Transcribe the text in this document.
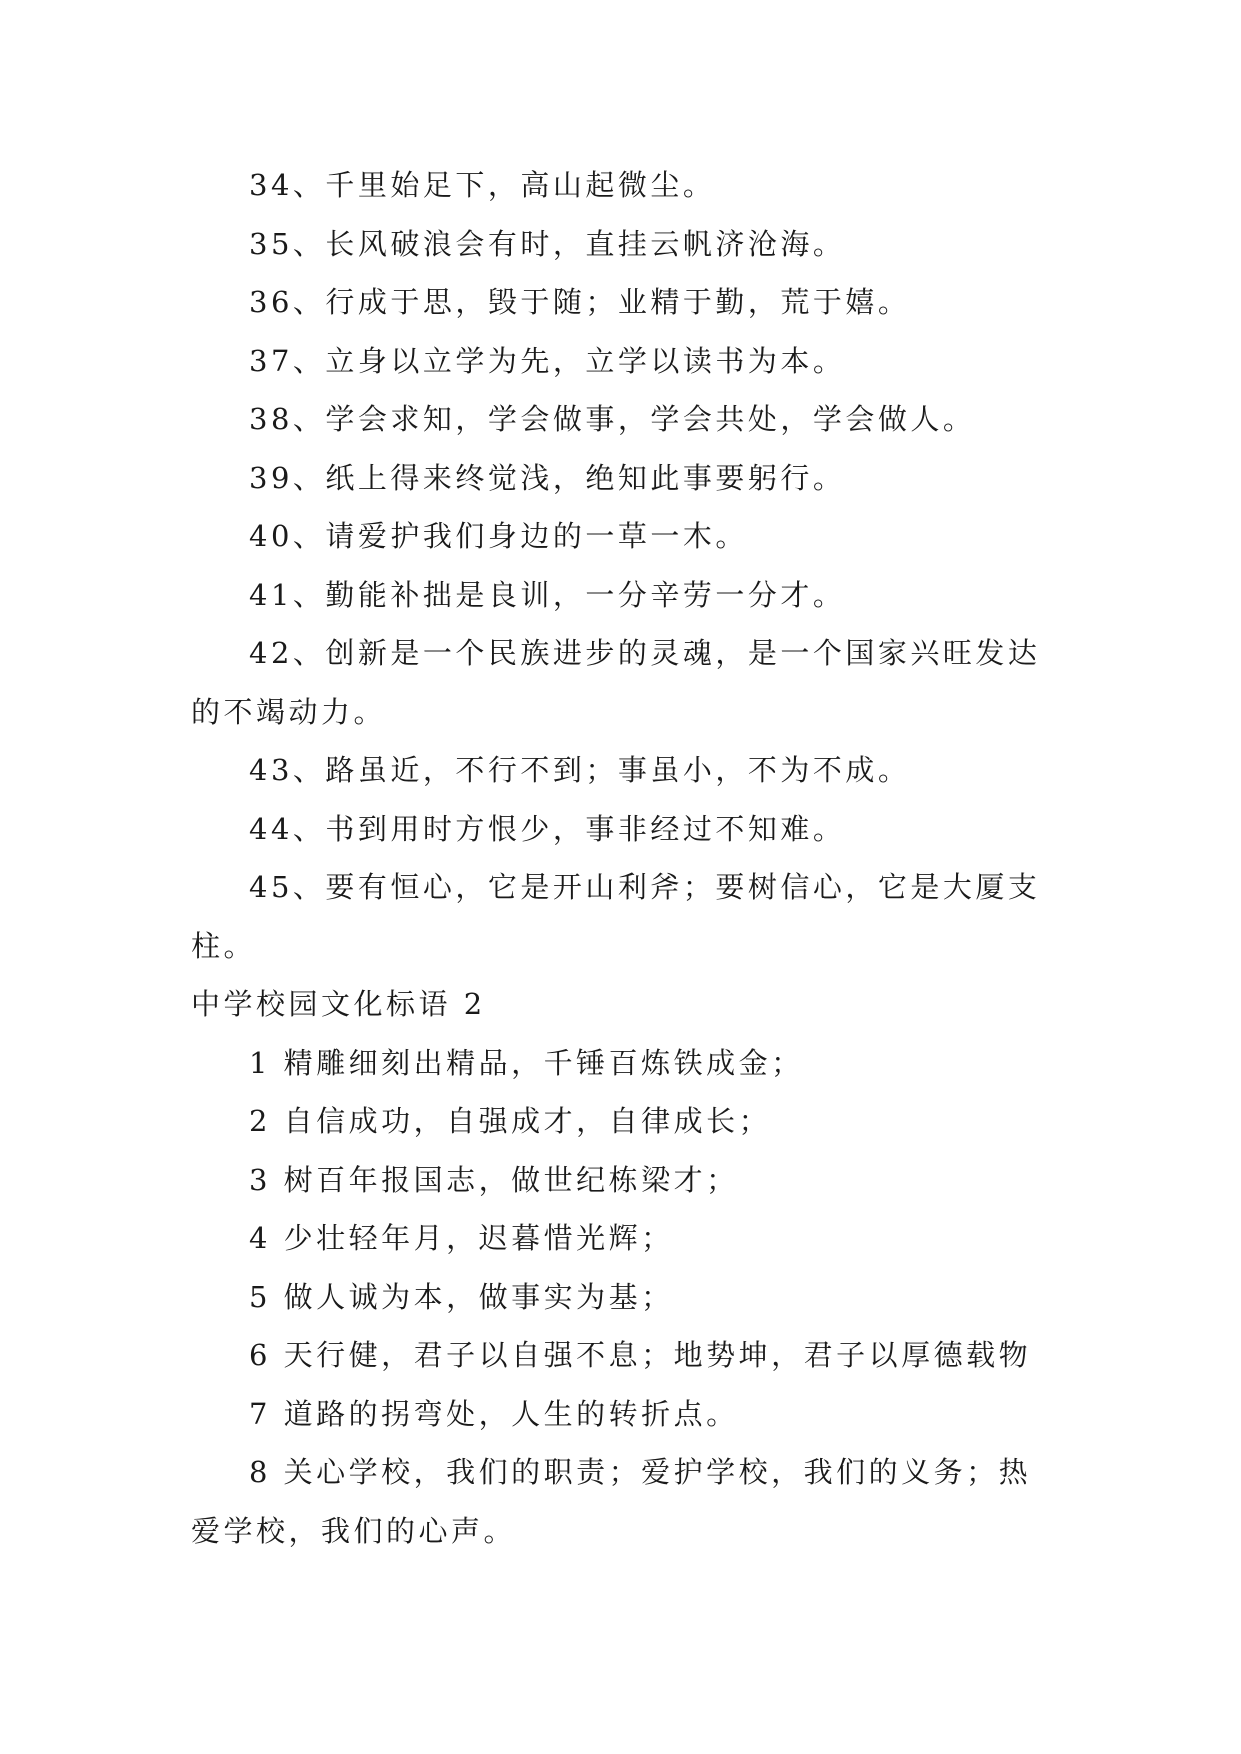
34、千里始足下，高山起微尘。

35、长风破浪会有时，直挂云帆济沧海。

36、行成于思，毁于随；业精于勤，荒于嬉。

37、立身以立学为先，立学以读书为本。

38、学会求知，学会做事，学会共处，学会做人。

39、纸上得来终觉浅，绝知此事要躬行。

40、请爱护我们身边的一草一木。

41、勤能补拙是良训，一分辛劳一分才。

42、创新是一个民族进步的灵魂，是一个国家兴旺发达的不竭动力。

43、路虽近，不行不到；事虽小，不为不成。

44、书到用时方恨少，事非经过不知难。

45、要有恒心，它是开山利斧；要树信心，它是大厦支柱。

中学校园文化标语 2

1 精雕细刻出精品，千锤百炼铁成金；

2 自信成功，自强成才，自律成长；

3 树百年报国志，做世纪栋梁才；

4 少壮轻年月，迟暮惜光辉；

5 做人诚为本，做事实为基；

6 天行健，君子以自强不息；地势坤，君子以厚德载物

7 道路的拐弯处，人生的转折点。

8 关心学校，我们的职责；爱护学校，我们的义务；热爱学校，我们的心声。
